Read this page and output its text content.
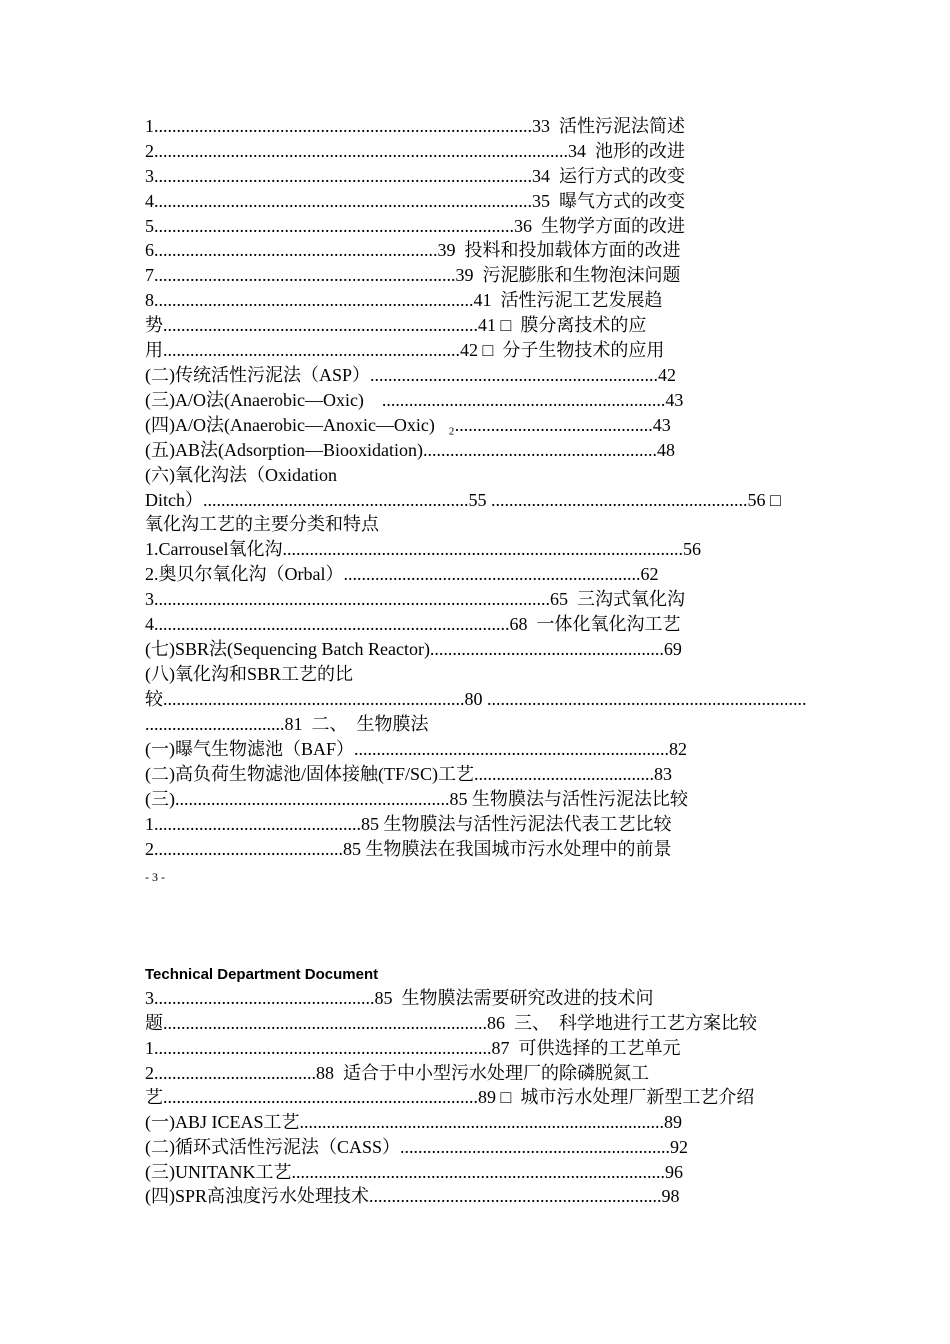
1....................................................................................33  活性污泥法简述
2............................................................................................34  池形的改进
3....................................................................................34  运行方式的改变
4....................................................................................35  曝气方式的改变
5................................................................................36  生物学方面的改进
6...............................................................39  投料和投加载体方面的改进
7...................................................................39  污泥膨胀和生物泡沫问题
8.......................................................................41  活性污泥工艺发展趋
势......................................................................41 □  膜分离技术的应
用..................................................................42 □  分子生物技术的应用
(二)传统活性污泥法（ASP）................................................................42
(三)A/O法(Anaerobic—Oxic)    ...............................................................43
(四)A/O法(Anaerobic—Anoxic—Oxic)   ₂............................................43
(五)AB法(Adsorption—Biooxidation)....................................................48
(六)氧化沟法（Oxidation
Ditch）...........................................................55 .........................................................56 □
氧化沟工艺的主要分类和特点
1.Carrousel氧化沟.........................................................................................56
2.奥贝尔氧化沟（Orbal）..................................................................62
3........................................................................................65  三沟式氧化沟
4...............................................................................68  一体化氧化沟工艺
(七)SBR法(Sequencing Batch Reactor)....................................................69
(八)氧化沟和SBR工艺的比
较...................................................................80 .......................................................................
...............................81  二、  生物膜法
(一)曝气生物滤池（BAF）......................................................................82
(二)高负荷生物滤池/固体接触(TF/SC)工艺........................................83
(三).............................................................85 生物膜法与活性污泥法比较
1..............................................85 生物膜法与活性污泥法代表工艺比较
2..........................................85 生物膜法在我国城市污水处理中的前景
- 3 -
Technical Department Document
3.................................................85  生物膜法需要研究改进的技术问
题........................................................................86  三、  科学地进行工艺方案比较
1...........................................................................87  可供选择的工艺单元
2....................................88  适合于中小型污水处理厂的除磷脱氮工
艺......................................................................89 □  城市污水处理厂新型工艺介绍
(一)ABJ ICEAS工艺.................................................................................89
(二)循环式活性污泥法（CASS）............................................................92
(三)UNITANK工艺...................................................................................96
(四)SPR高浊度污水处理技术.................................................................98
